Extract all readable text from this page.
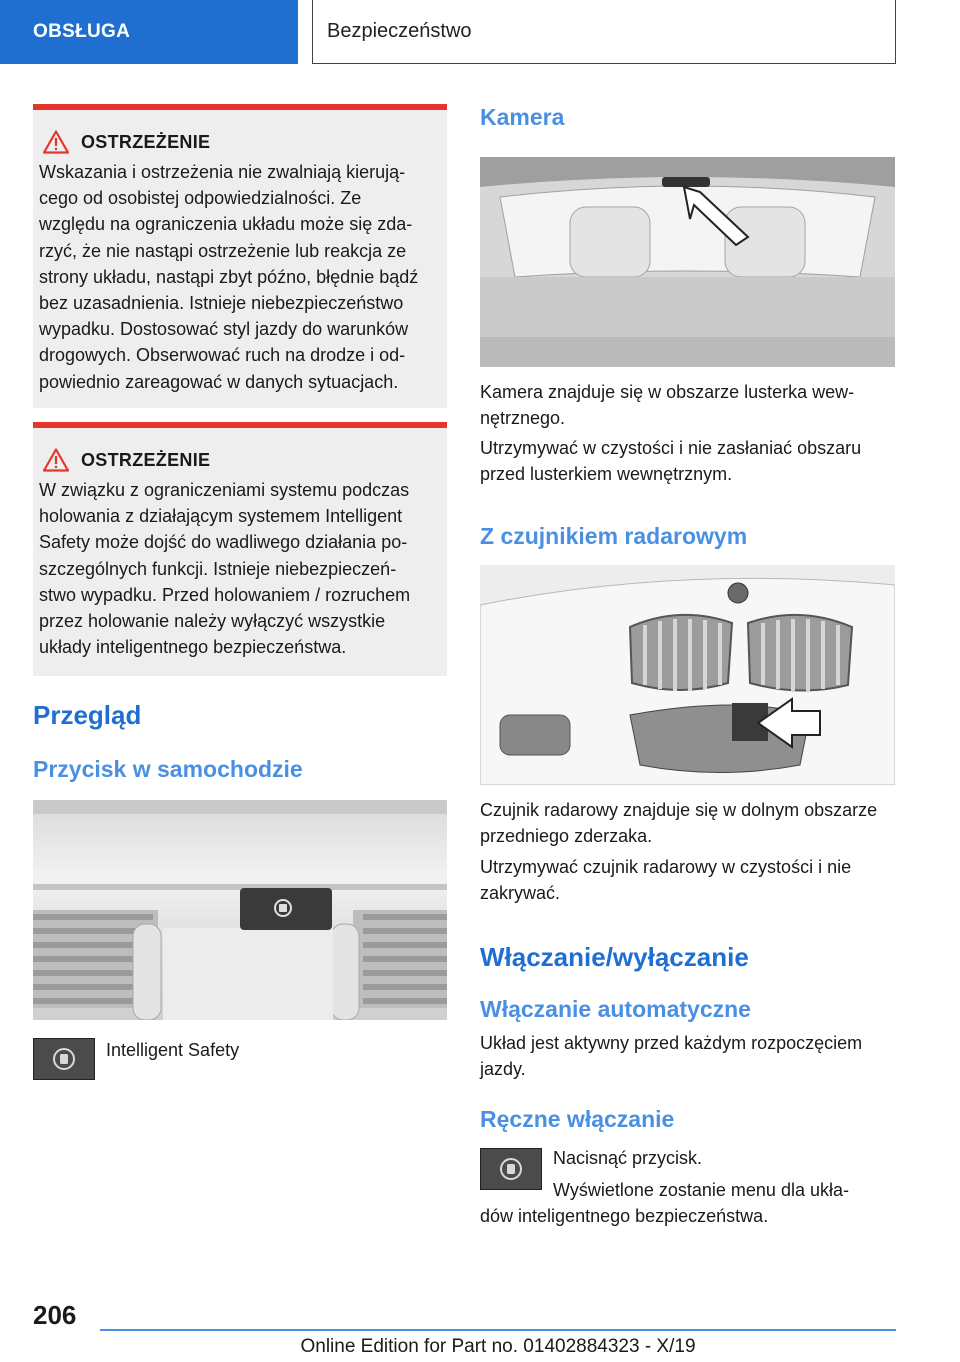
OBSŁUGA	Bezpieczeństwo
OSTRZEŻENIE
Wskazania i ostrzeżenia nie zwalniają kierują-
cego od osobistej odpowiedzialności. Ze
względu na ograniczenia układu może się zda-
rzyć, że nie nastąpi ostrzeżenie lub reakcja ze
strony układu, nastąpi zbyt późno, błędnie bądź
bez uzasadnienia. Istnieje niebezpieczeństwo
wypadku. Dostosować styl jazdy do warunków
drogowych. Obserwować ruch na drodze i od-
powiednio zareagować w danych sytuacjach.
OSTRZEŻENIE
W związku z ograniczeniami systemu podczas
holowania z działającym systemem Intelligent
Safety może dojść do wadliwego działania po-
szczególnych funkcji. Istnieje niebezpieczeń-
stwo wypadku. Przed holowaniem / rozruchem
przez holowanie należy wyłączyć wszystkie
układy inteligentnego bezpieczeństwa.
Przegląd
Przycisk w samochodzie
Intelligent Safety
Kamera
Kamera znajduje się w obszarze lusterka wew-
nętrznego.
Utrzymywać w czystości i nie zasłaniać obszaru
przed lusterkiem wewnętrznym.
Z czujnikiem radarowym
Czujnik radarowy znajduje się w dolnym obszarze
przedniego zderzaka.
Utrzymywać czujnik radarowy w czystości i nie
zakrywać.
Włączanie/wyłączanie
Włączanie automatyczne
Układ jest aktywny przed każdym rozpoczęciem
jazdy.
Ręczne włączanie
Nacisnąć przycisk.
Wyświetlone zostanie menu dla ukła-
dów inteligentnego bezpieczeństwa.
206
Online Edition for Part no. 01402884323 - X/19
